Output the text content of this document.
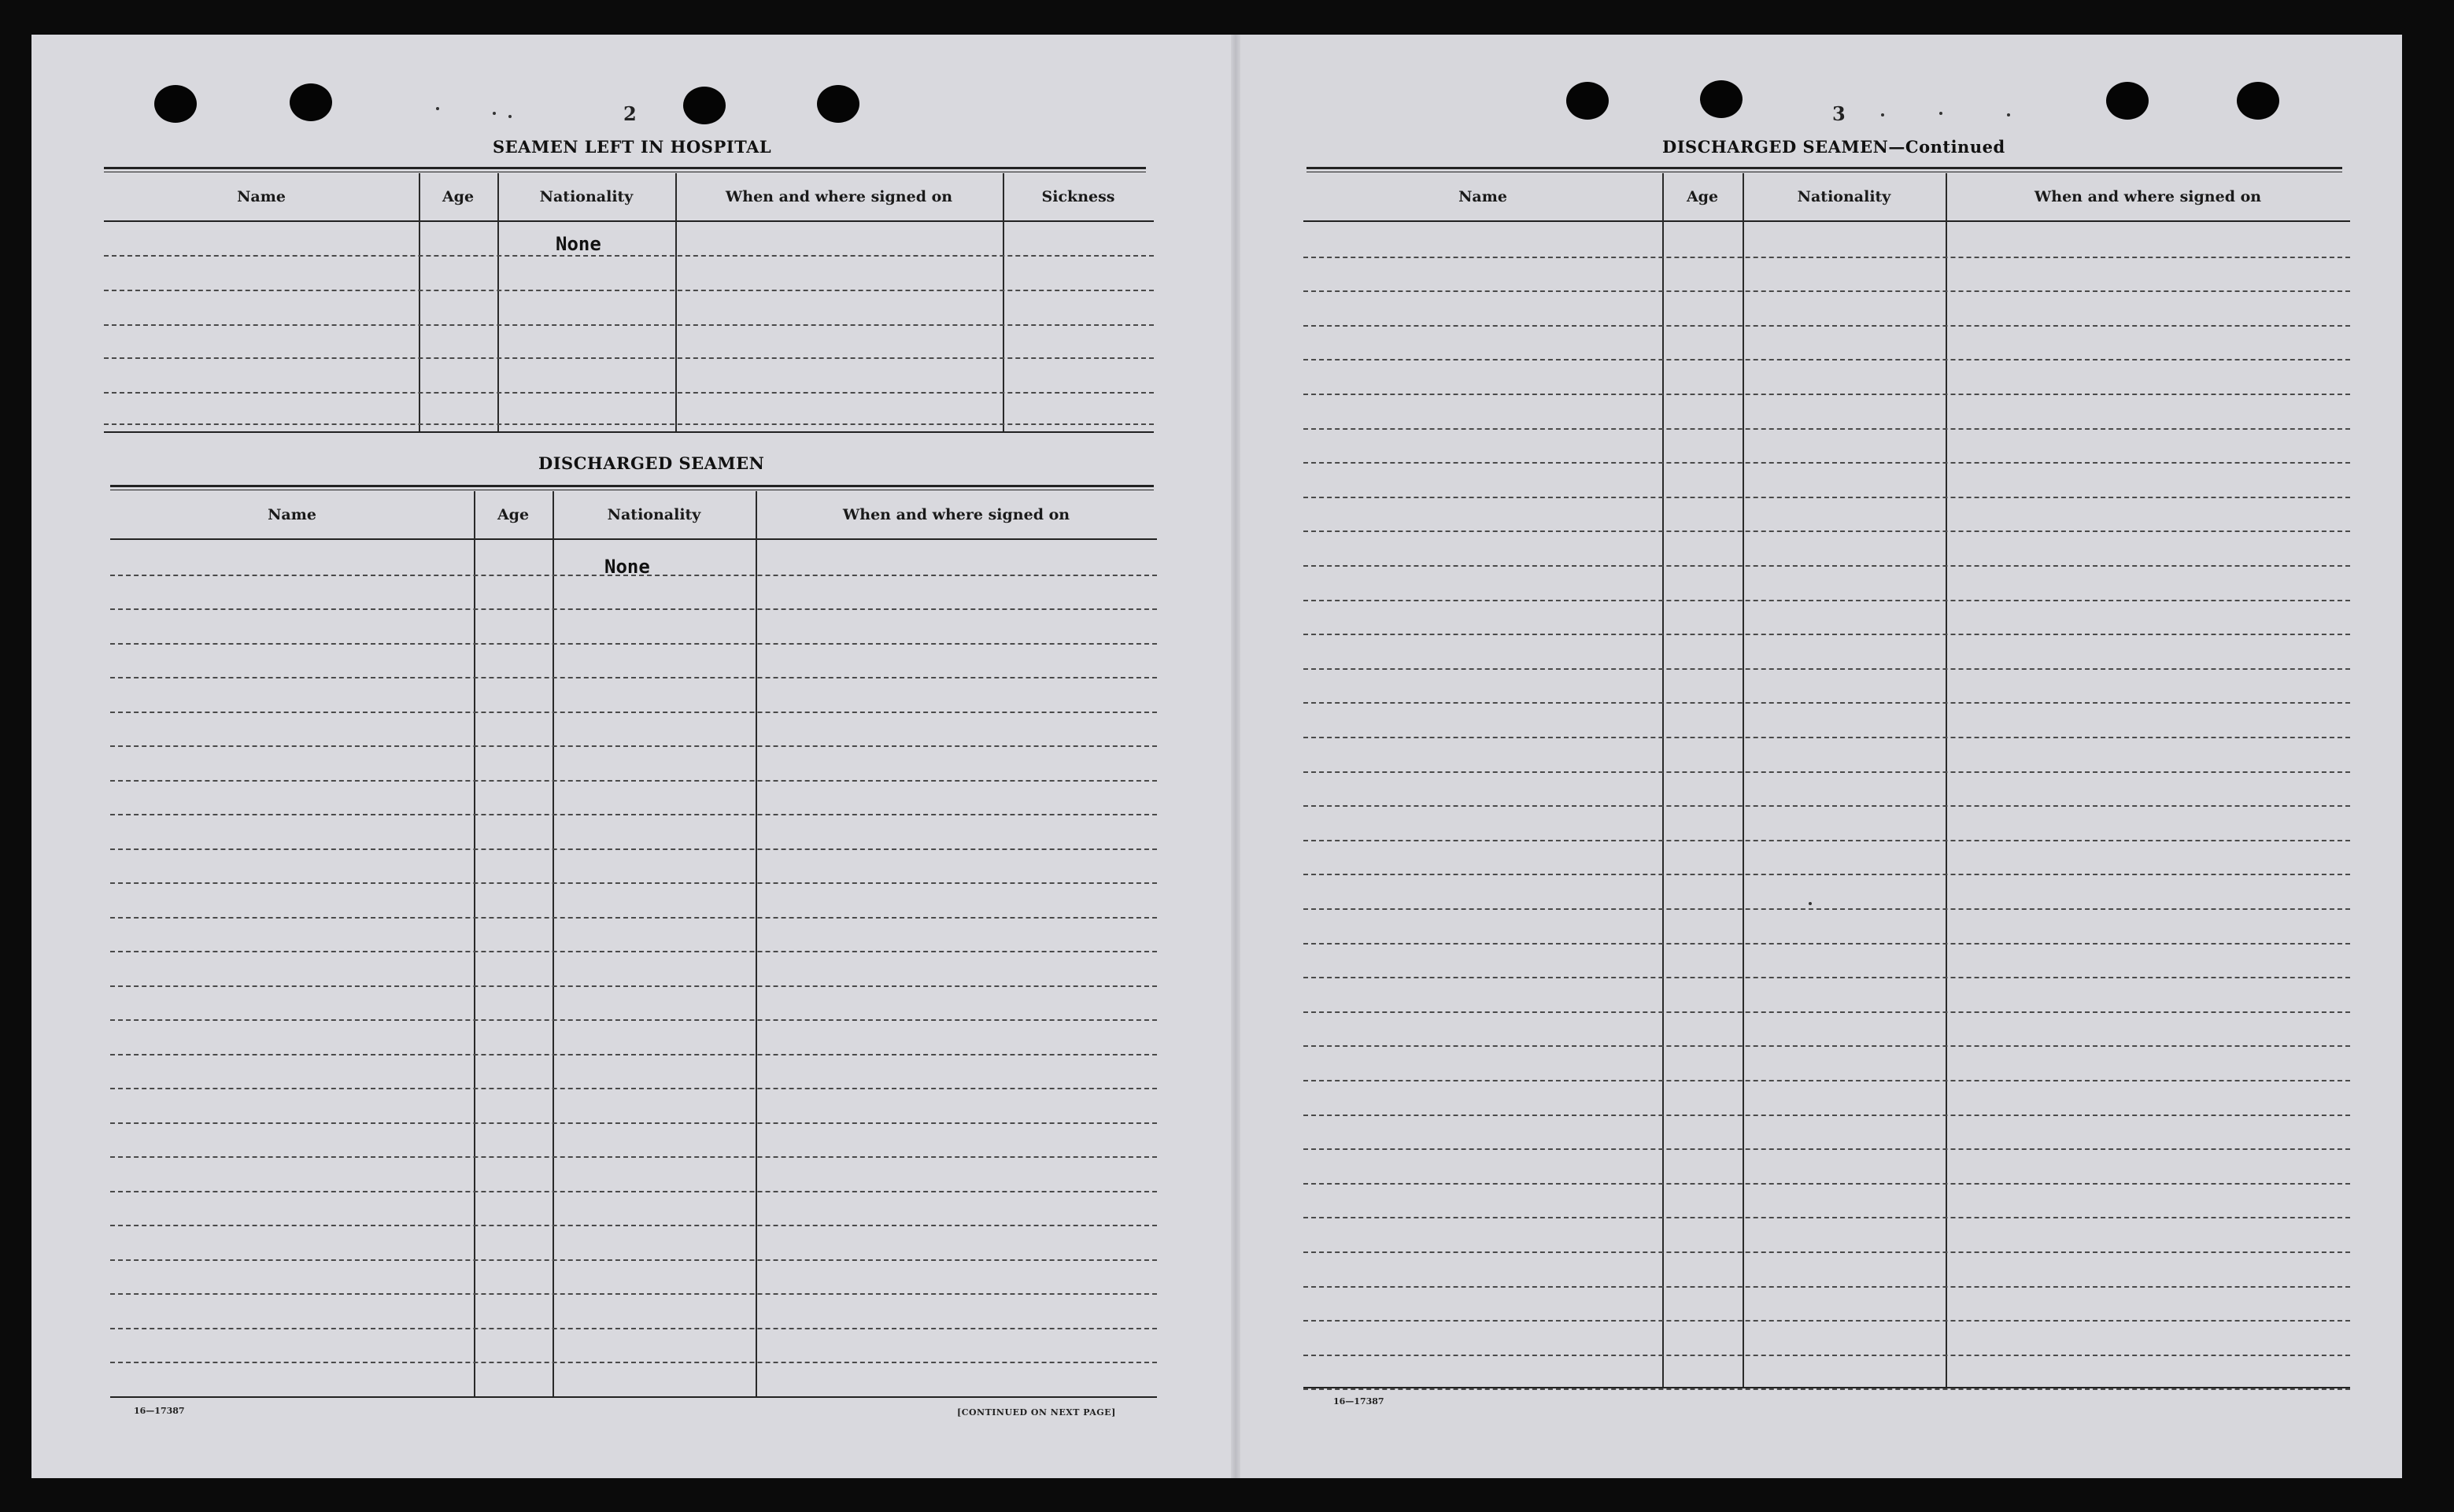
2	3
SEAMEN LEFT IN HOSPITAL
Name	Age	Nationality	When and where signed on	Sickness
None
DISCHARGED SEAMEN
Name	Age	Nationality	When and where signed on
None
16—17387	[CONTINUED ON NEXT PAGE]
DISCHARGED SEAMEN—Continued
Name	Age	Nationality	When and where signed on
16—17387
